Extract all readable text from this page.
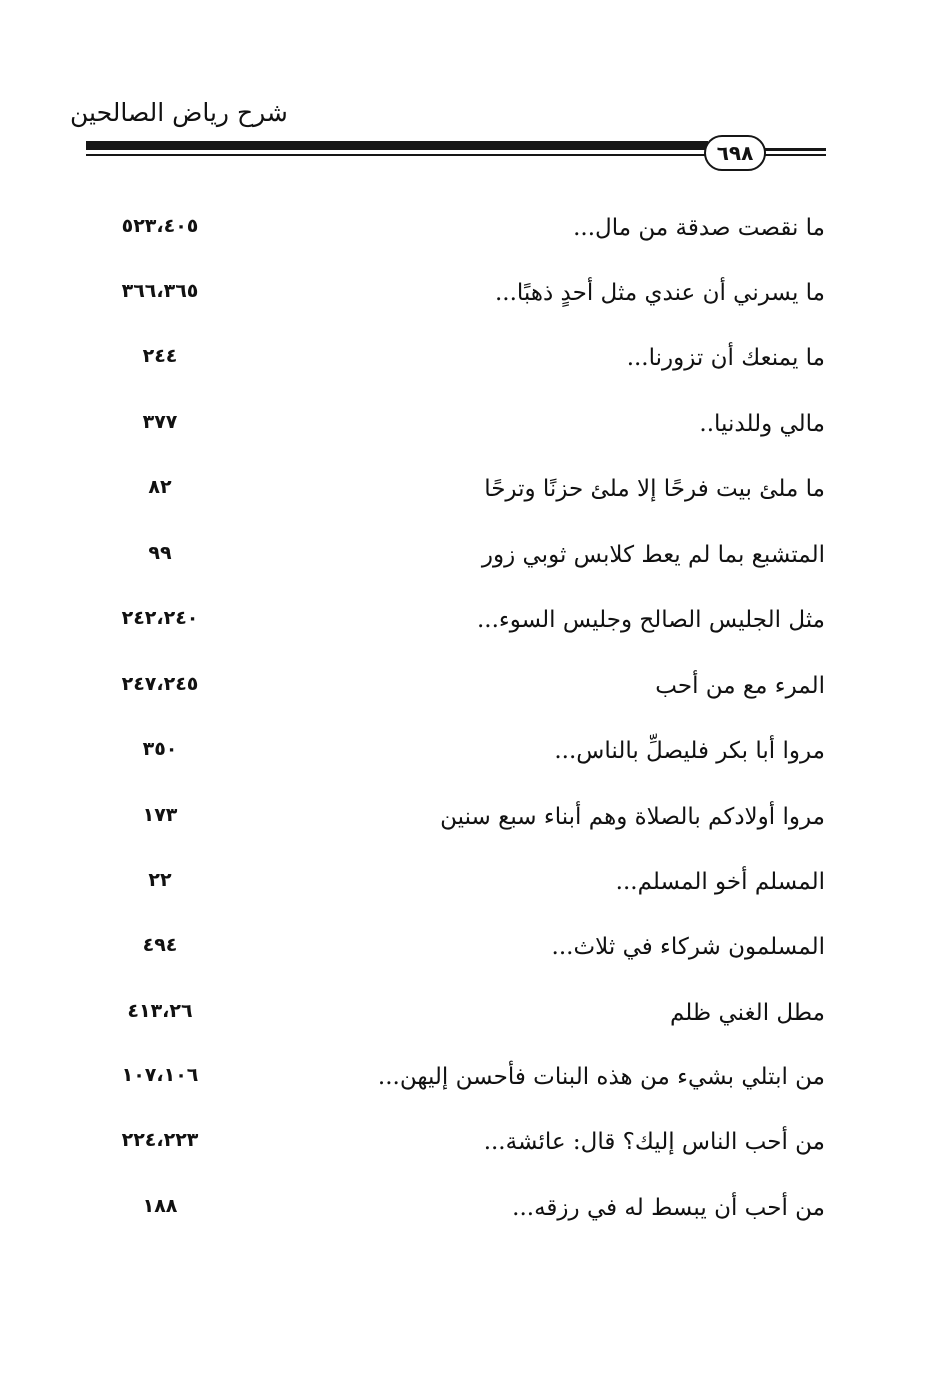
شرح رياض الصالحين
٦٩٨
ما نقصت صدقة من مال...
٥٢٣،٤٠٥
ما يسرني أن عندي مثل أحدٍ ذهبًا...
٣٦٦،٣٦٥
ما يمنعك أن تزورنا...
٢٤٤
مالي وللدنيا..
٣٧٧
ما ملئ بيت فرحًا إلا ملئ حزنًا وترحًا
٨٢
المتشبع بما لم يعط كلابس ثوبي زور
٩٩
مثل الجليس الصالح وجليس السوء...
٢٤٢،٢٤٠
المرء مع من أحب
٢٤٧،٢٤٥
مروا أبا بكر فليصلِّ بالناس...
٣٥٠
مروا أولادكم بالصلاة وهم أبناء سبع سنين
١٧٣
المسلم أخو المسلم...
٢٢
المسلمون شركاء في ثلاث...
٤٩٤
مطل الغني ظلم
٤١٣،٢٦
من ابتلي بشيء من هذه البنات فأحسن إليهن...
١٠٧،١٠٦
من أحب الناس إليك؟ قال: عائشة...
٢٢٤،٢٢٣
من أحب أن يبسط له في رزقه...
١٨٨
